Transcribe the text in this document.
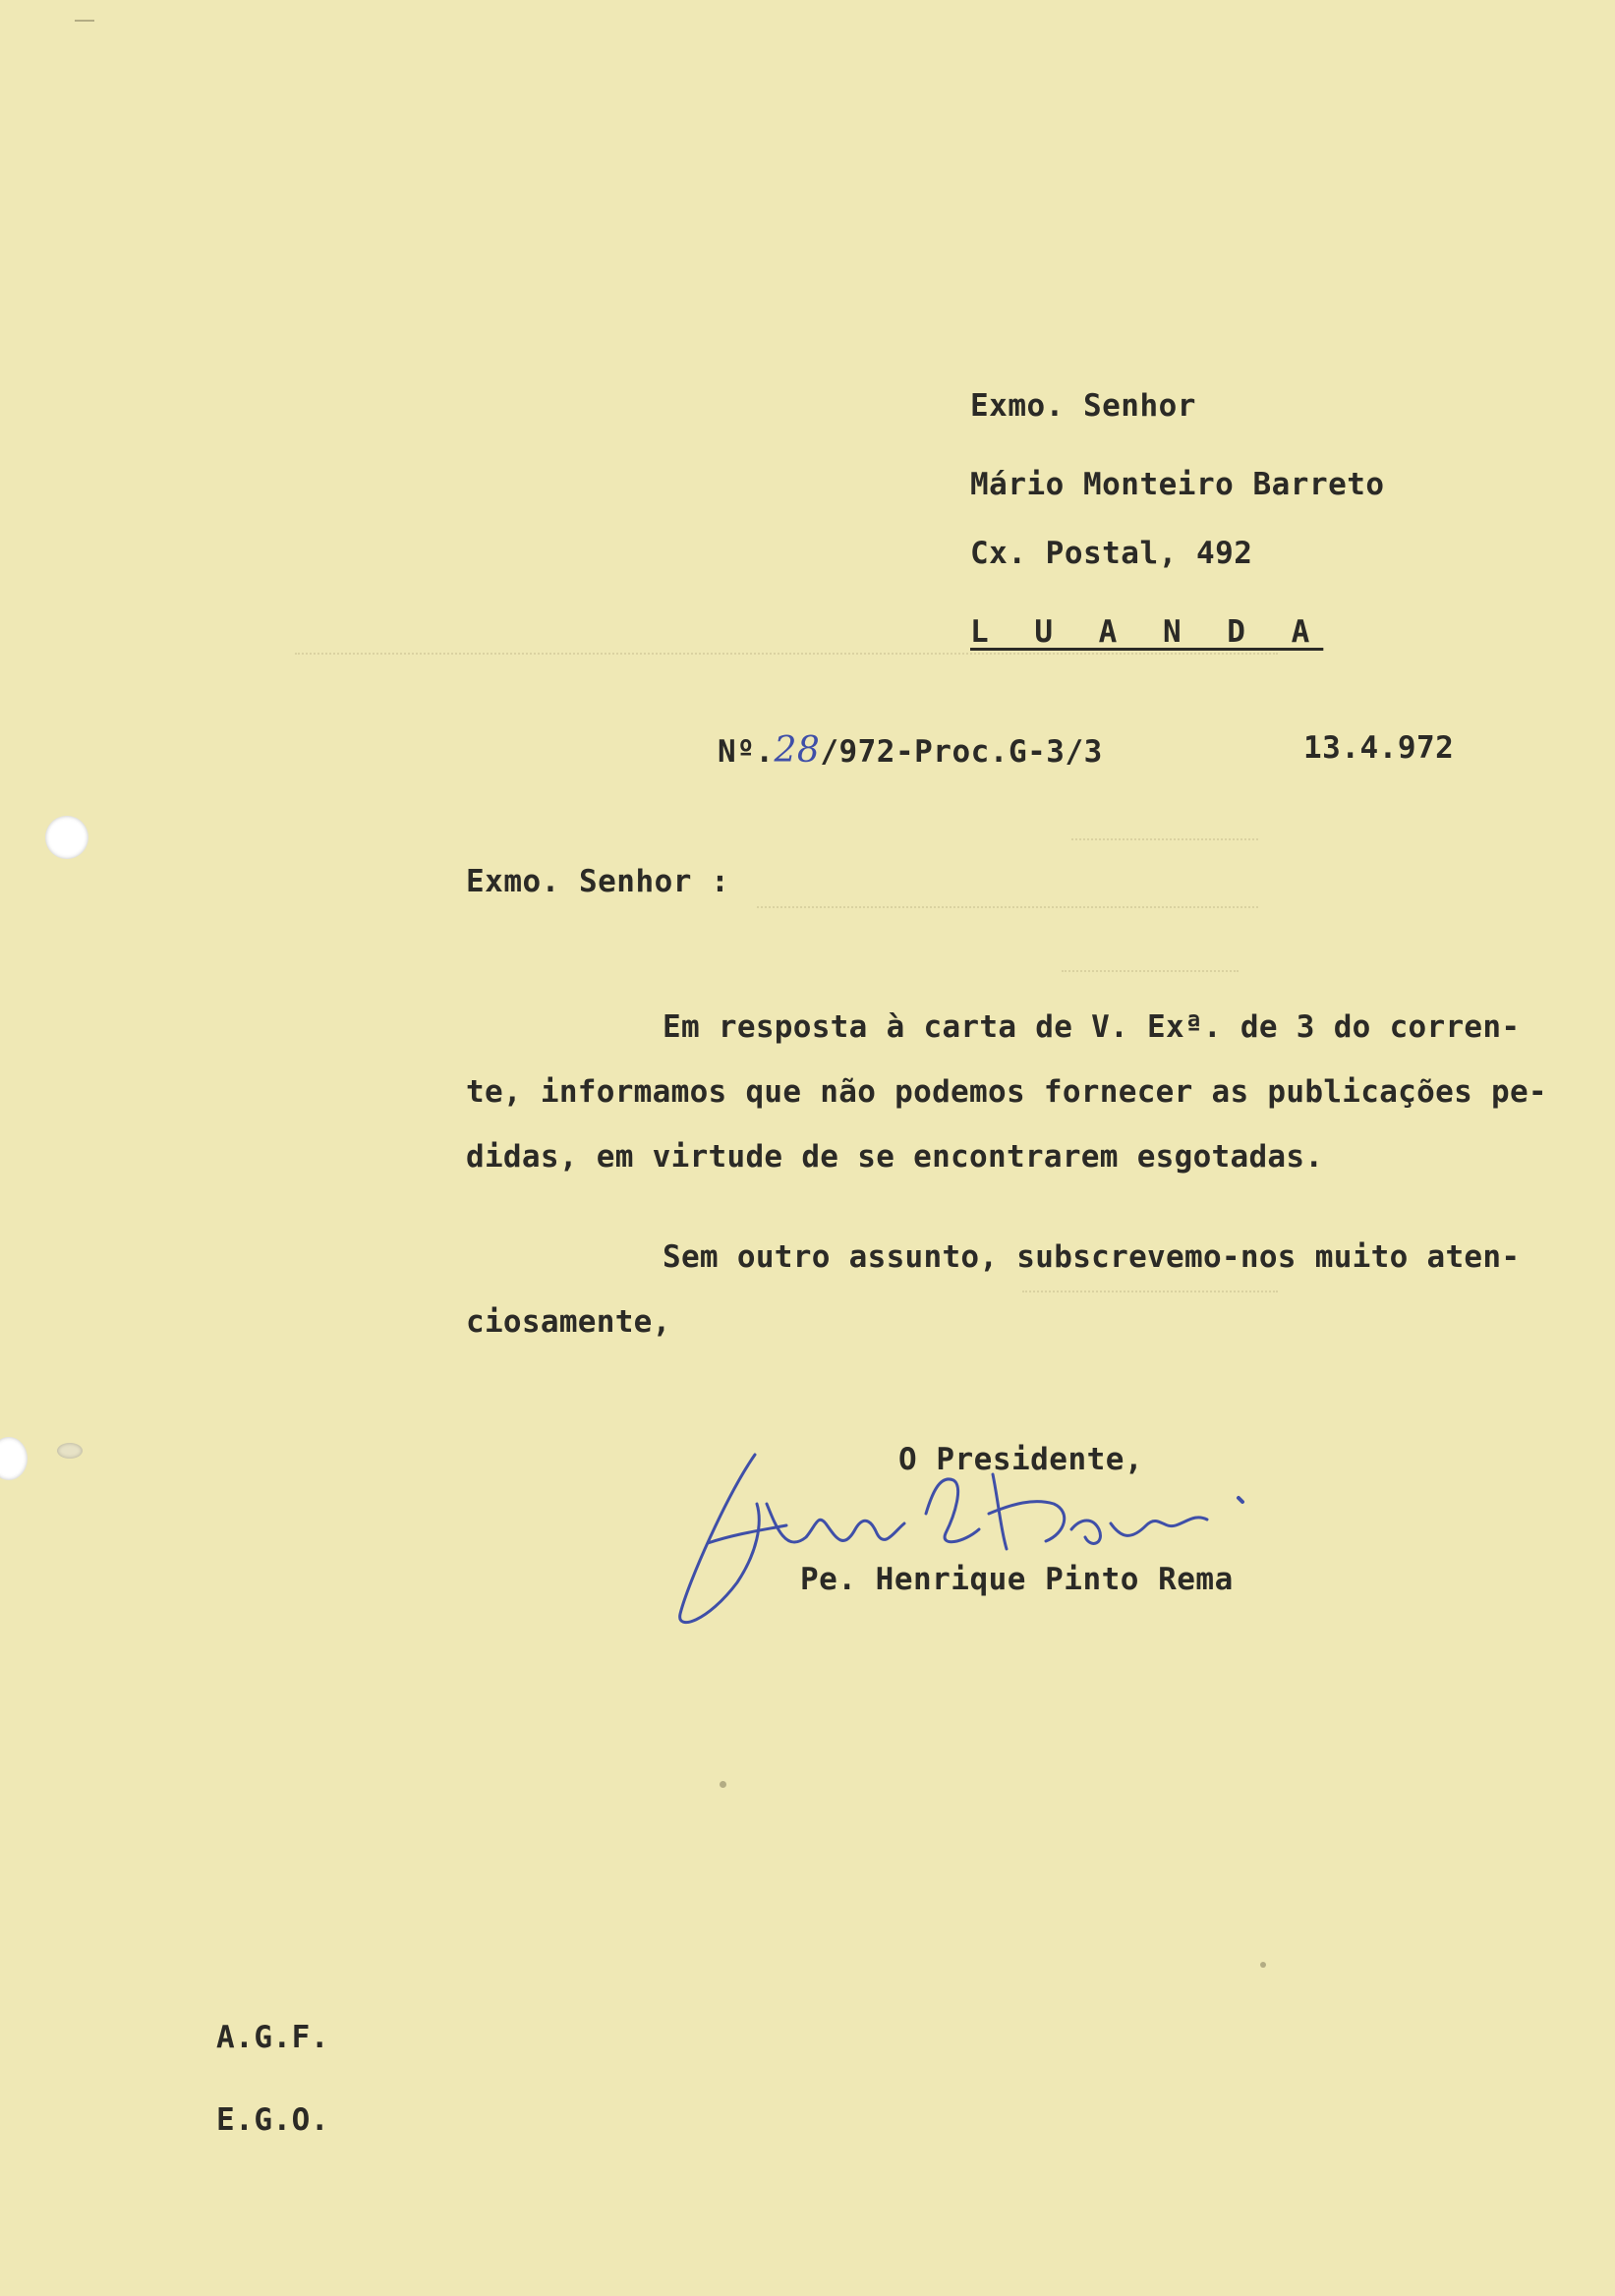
Exmo. Senhor
Mário Monteiro Barreto
Cx. Postal, 492
L U A N D A
Nº.28/972-Proc.G-3/3	13.4.972
Exmo. Senhor :

Em resposta à carta de V. Exª. de 3 do corren-
te, informamos que não podemos fornecer as publicações pe-
didas, em virtude de se encontrarem esgotadas.

Sem outro assunto, subscrevemo-nos muito aten-
ciosamente,

O Presidente,
Pe. Henrique Pinto Rema
A.G.F.
E.G.O.
